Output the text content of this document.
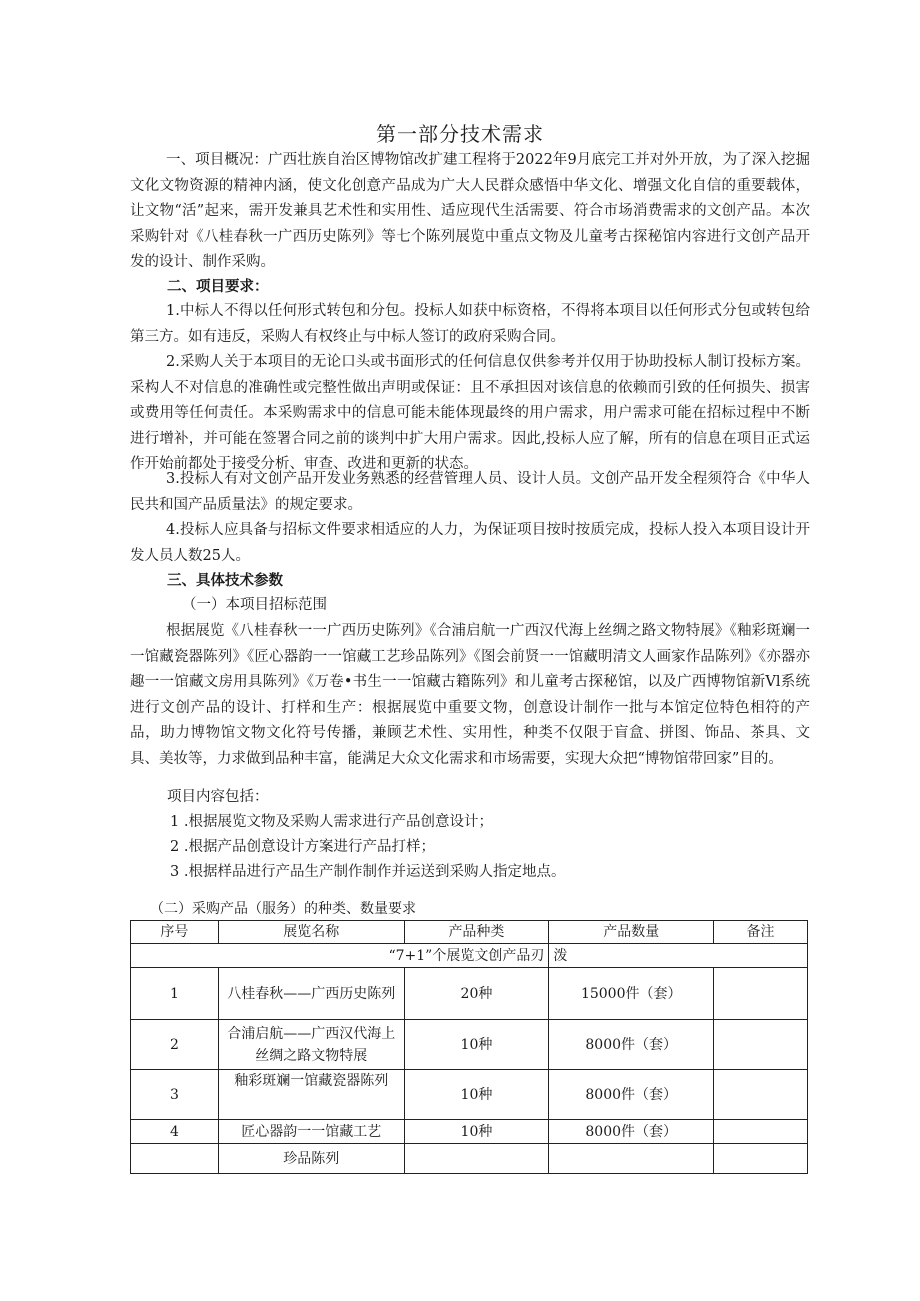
第一部分技术需求

一、项目概况：广西壮族自治区博物馆改扩建工程将于2022年9月底完工并对外开放，为了深入挖掘文化文物资源的精神内涵，使文化创意产品成为广大人民群众感悟中华文化、增强文化自信的重要载体，让文物“活”起来，需开发兼具艺术性和实用性、适应现代生活需要、符合市场消费需求的文创产品。本次采购针对《八桂春秋一广西历史陈列》等七个陈列展览中重点文物及儿童考古探秘馆内容进行文创产品开发的设计、制作采购。

二、项目要求：

1.中标人不得以任何形式转包和分包。投标人如获中标资格，不得将本项目以任何形式分包或转包给第三方。如有违反，采购人有权终止与中标人签订的政府采购合同。

2.采购人关于本项目的无论口头或书面形式的任何信息仅供参考并仅用于协助投标人制订投标方案。采构人不对信息的准确性或完整性做出声明或保证：且不承担因对该信息的依赖而引致的任何损失、损害或费用等任何责任。本采购需求中的信息可能未能体现最终的用户需求，用户需求可能在招标过程中不断进行增补，并可能在签署合同之前的谈判中扩大用户需求。因此,投标人应了解，所有的信息在项目正式运作开始前都处于接受分析、审查、改进和更新的状态。

3.投标人有对文创产品开发业务熟悉的经营管理人员、设计人员。文创产品开发全程须符合《中华人民共和国产品质量法》的规定要求。

4.投标人应具备与招标文件要求相适应的人力，为保证项目按时按质完成，投标人投入本项目设计开发人员人数25人。

三、具体技术参数

（一）本项目招标范围

根据展览《八桂春秋一一广西历史陈列》《合浦启航一广西汉代海上丝绸之路文物特展》《釉彩斑斓一一馆藏瓷器陈列》《匠心器韵一一馆藏工艺珍品陈列》《图会前贤一一馆藏明清文人画家作品陈列》《亦器亦趣一一馆藏文房用具陈列》《万卷•书生一一馆藏古籍陈列》和儿童考古探秘馆，以及广西博物馆新Vl系统进行文创产品的设计、打样和生产：根据展览中重要文物，创意设计制作一批与本馆定位特色相符的产品，助力博物馆文物文化符号传播，兼顾艺术性、实用性，种类不仅限于盲盒、拼图、饰品、茶具、文具、美妆等，力求做到品种丰富，能满足大众文化需求和市场需要，实现大众把“博物馆带回家”目的。

项目内容包括：

1 .根据展览文物及采购人需求进行产品创意设计；

2 .根据产品创意设计方案进行产品打样；

3 .根据样品进行产品生产制作制作并运送到采购人指定地点。

（二）采购产品（服务）的种类、数量要求

序号	展览名称	产品种类	产品数量	备注
“7+1”个展览文创产品刃			泼	
1	八桂春秋——广西历史陈列	20种	15000件（套）	
2	合浦启航——广西汉代海上丝绸之路文物特展	10种	8000件（套）	
3	釉彩斑斓一馆藏瓷器陈列	10种	8000件（套）	
4	匠心器韵一一馆藏工艺	10种	8000件（套）	
	珍品陈列			
